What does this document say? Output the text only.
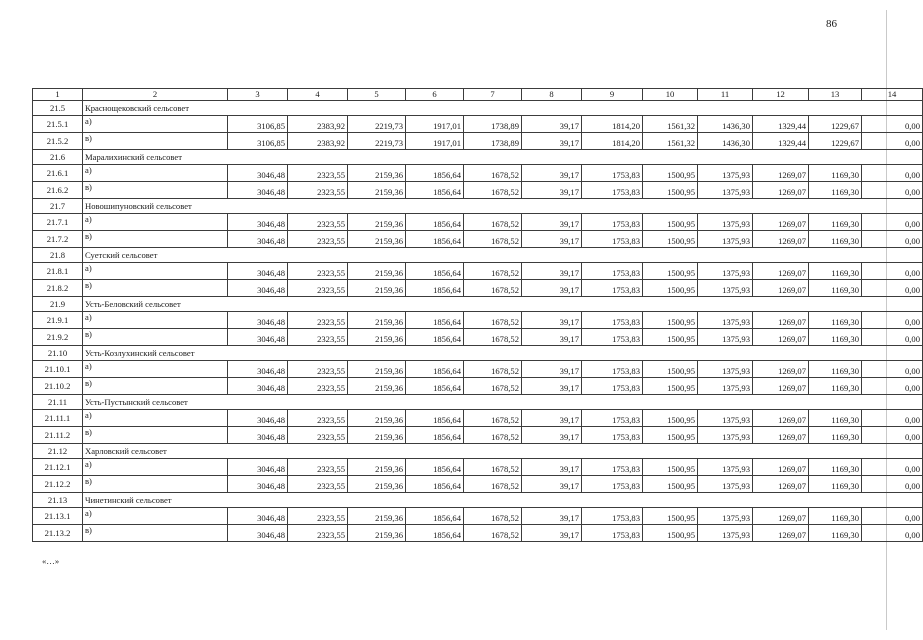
86
1	2	3	4	5	6	7	8	9	10	11	12	13	14
21.5	Краснощековский сельсовет												
21.5.1	а)	3106,85	2383,92	2219,73	1917,01	1738,89	39,17	1814,20	1561,32	1436,30	1329,44	1229,67	0,00
21.5.2	в)	3106,85	2383,92	2219,73	1917,01	1738,89	39,17	1814,20	1561,32	1436,30	1329,44	1229,67	0,00
21.6	Маралихинский сельсовет												
21.6.1	а)	3046,48	2323,55	2159,36	1856,64	1678,52	39,17	1753,83	1500,95	1375,93	1269,07	1169,30	0,00
21.6.2	в)	3046,48	2323,55	2159,36	1856,64	1678,52	39,17	1753,83	1500,95	1375,93	1269,07	1169,30	0,00
21.7	Новошипуновский сельсовет												
21.7.1	а)	3046,48	2323,55	2159,36	1856,64	1678,52	39,17	1753,83	1500,95	1375,93	1269,07	1169,30	0,00
21.7.2	в)	3046,48	2323,55	2159,36	1856,64	1678,52	39,17	1753,83	1500,95	1375,93	1269,07	1169,30	0,00
21.8	Суетский сельсовет												
21.8.1	а)	3046,48	2323,55	2159,36	1856,64	1678,52	39,17	1753,83	1500,95	1375,93	1269,07	1169,30	0,00
21.8.2	в)	3046,48	2323,55	2159,36	1856,64	1678,52	39,17	1753,83	1500,95	1375,93	1269,07	1169,30	0,00
21.9	Усть-Беловский сельсовет												
21.9.1	а)	3046,48	2323,55	2159,36	1856,64	1678,52	39,17	1753,83	1500,95	1375,93	1269,07	1169,30	0,00
21.9.2	в)	3046,48	2323,55	2159,36	1856,64	1678,52	39,17	1753,83	1500,95	1375,93	1269,07	1169,30	0,00
21.10	Усть-Козлухинский сельсовет												
21.10.1	а)	3046,48	2323,55	2159,36	1856,64	1678,52	39,17	1753,83	1500,95	1375,93	1269,07	1169,30	0,00
21.10.2	в)	3046,48	2323,55	2159,36	1856,64	1678,52	39,17	1753,83	1500,95	1375,93	1269,07	1169,30	0,00
21.11	Усть-Пустынский сельсовет												
21.11.1	а)	3046,48	2323,55	2159,36	1856,64	1678,52	39,17	1753,83	1500,95	1375,93	1269,07	1169,30	0,00
21.11.2	в)	3046,48	2323,55	2159,36	1856,64	1678,52	39,17	1753,83	1500,95	1375,93	1269,07	1169,30	0,00
21.12	Харловский сельсовет												
21.12.1	а)	3046,48	2323,55	2159,36	1856,64	1678,52	39,17	1753,83	1500,95	1375,93	1269,07	1169,30	0,00
21.12.2	в)	3046,48	2323,55	2159,36	1856,64	1678,52	39,17	1753,83	1500,95	1375,93	1269,07	1169,30	0,00
21.13	Чинетинский сельсовет												
21.13.1	а)	3046,48	2323,55	2159,36	1856,64	1678,52	39,17	1753,83	1500,95	1375,93	1269,07	1169,30	0,00
21.13.2	в)	3046,48	2323,55	2159,36	1856,64	1678,52	39,17	1753,83	1500,95	1375,93	1269,07	1169,30	0,00
«…»
